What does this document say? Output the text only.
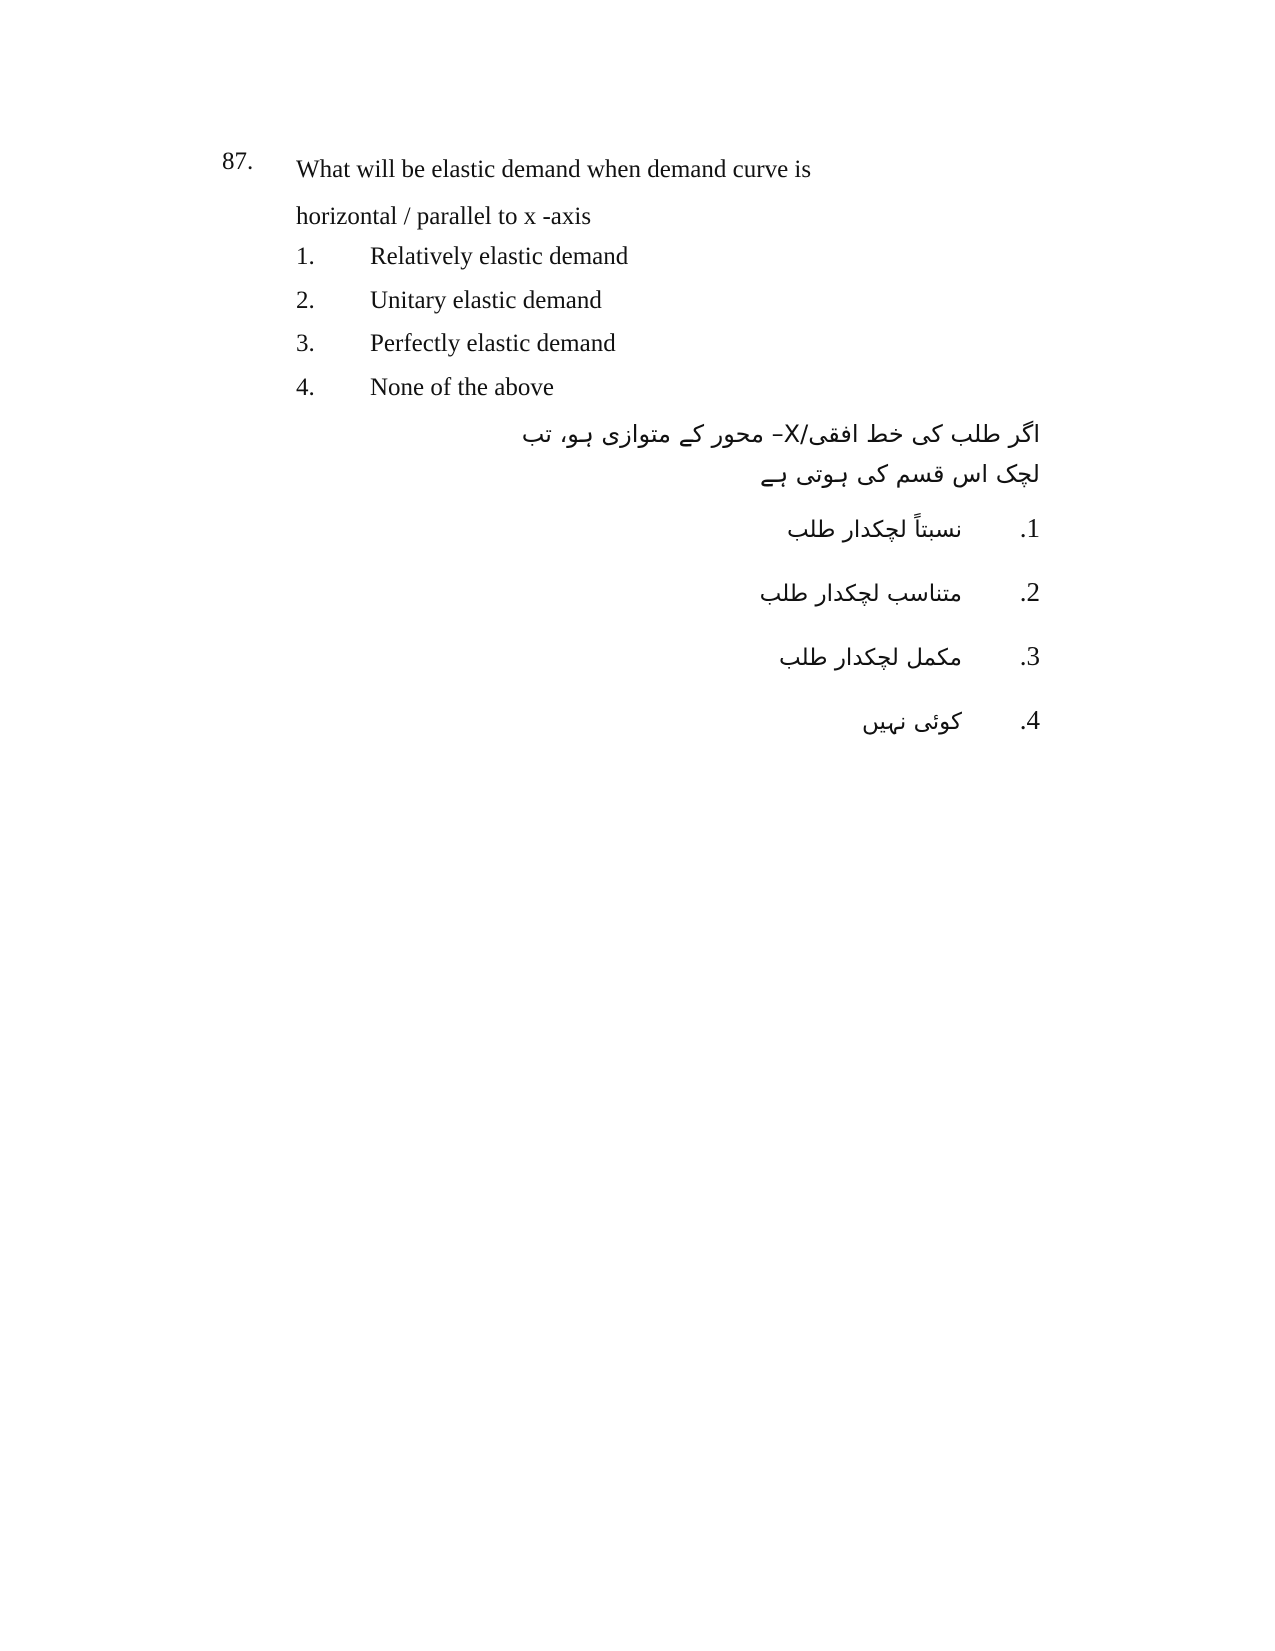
87. What will be elastic demand when demand curve is
horizontal / parallel to x -axis
1. Relatively elastic demand
2. Unitary elastic demand
3. Perfectly elastic demand
4. None of the above

اگر طلب کی خط افقی/X– محور کے متوازی ہو، تب لچک اس قسم کی ہوتی ہے

.1نسبتاً لچکدار طلب
.2متناسب لچکدار طلب
.3مکمل لچکدار طلب
.4کوئی نہیں
